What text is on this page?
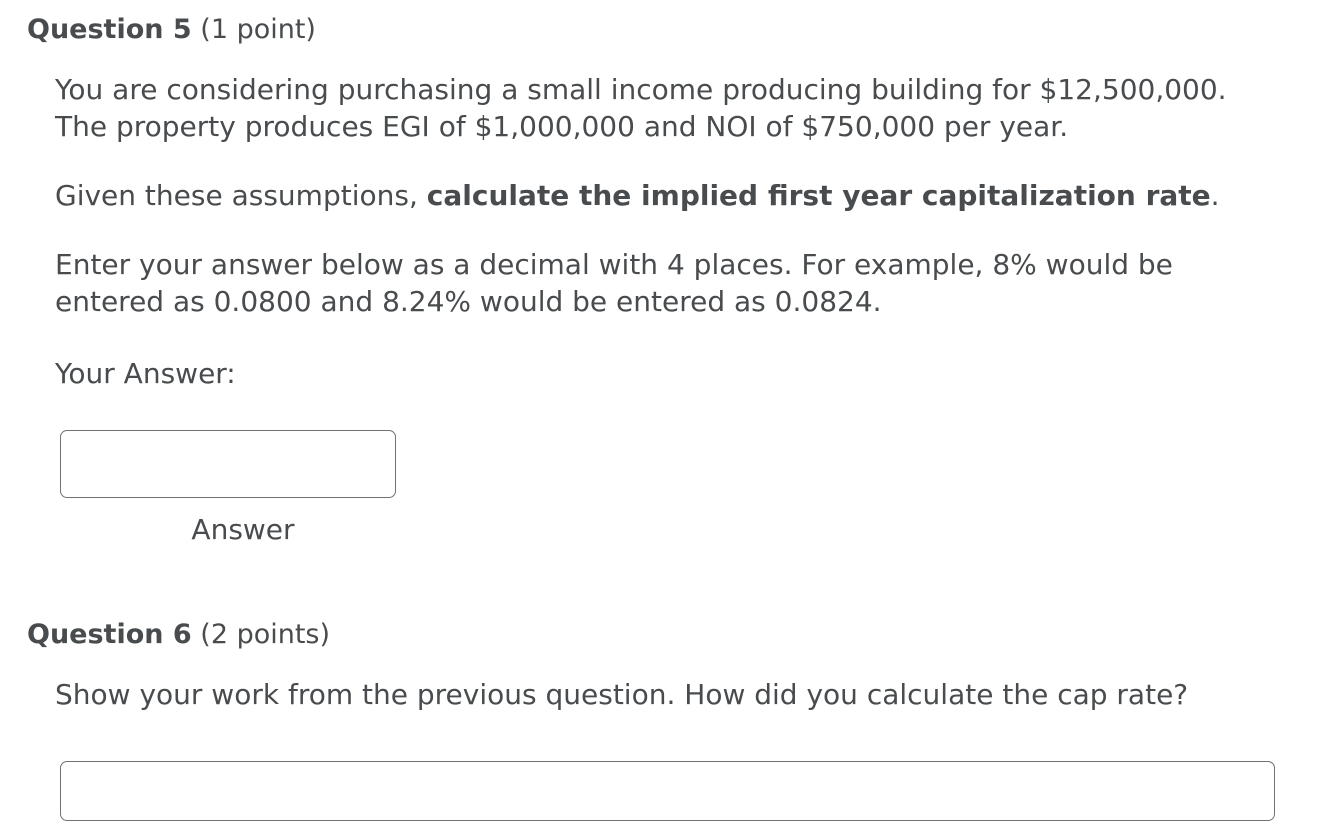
Question 5 (1 point)

You are considering purchasing a small income producing building for $12,500,000.
The property produces EGI of $1,000,000 and NOI of $750,000 per year.

Given these assumptions, calculate the implied first year capitalization rate.

Enter your answer below as a decimal with 4 places. For example, 8% would be
entered as 0.0800 and 8.24% would be entered as 0.0824.

Your Answer:

Answer
Question 6 (2 points)

Show your work from the previous question. How did you calculate the cap rate?
